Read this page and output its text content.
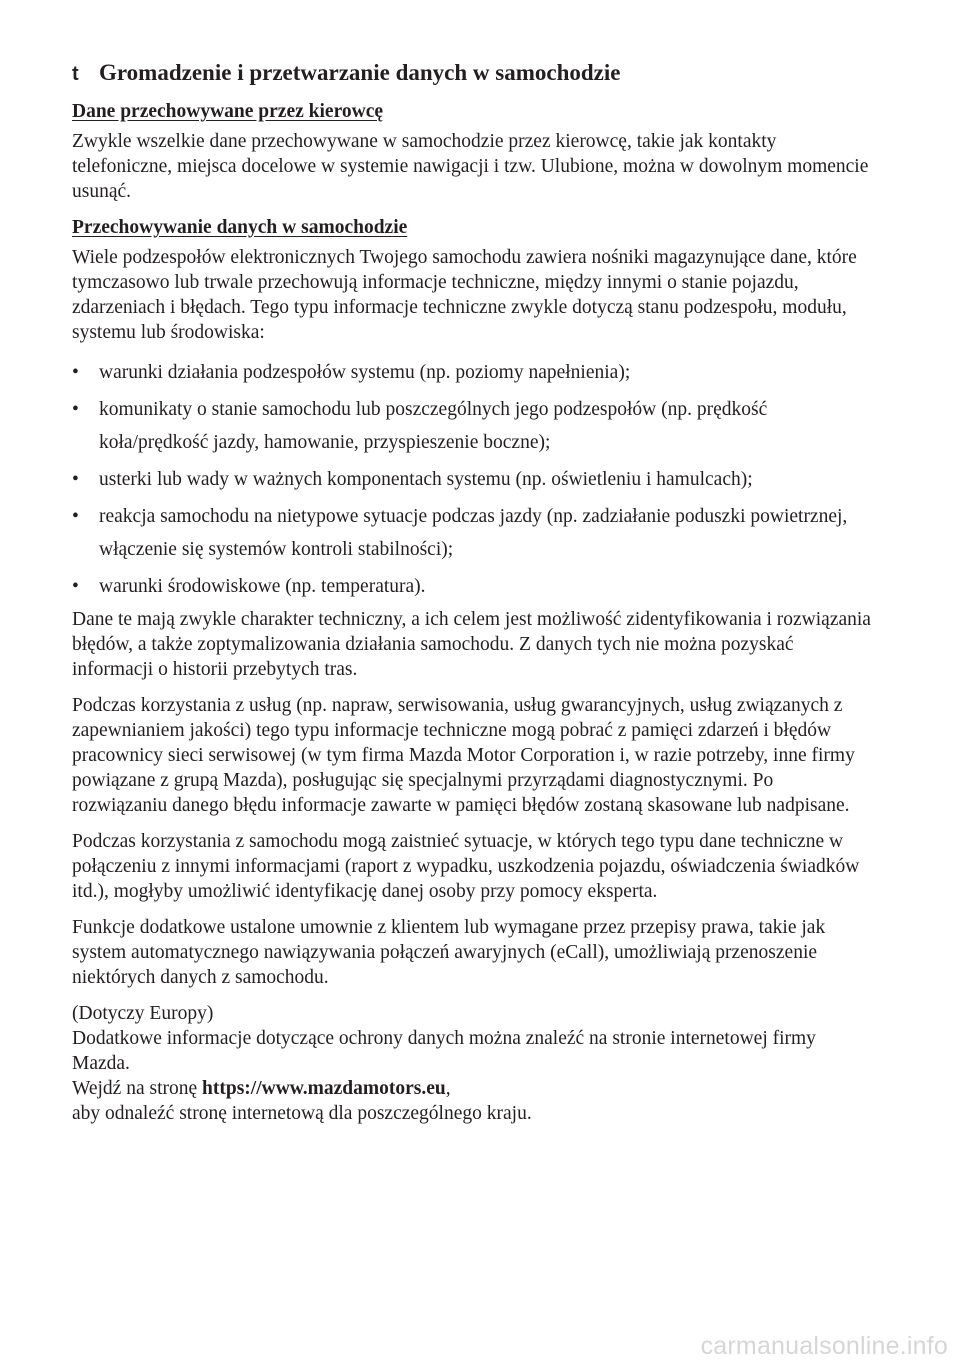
t Gromadzenie i przetwarzanie danych w samochodzie
Dane przechowywane przez kierowcę

Zwykle wszelkie dane przechowywane w samochodzie przez kierowcę, takie jak kontakty telefoniczne, miejsca docelowe w systemie nawigacji i tzw. Ulubione, można w dowolnym momencie usunąć.

Przechowywanie danych w samochodzie

Wiele podzespołów elektronicznych Twojego samochodu zawiera nośniki magazynujące dane, które tymczasowo lub trwale przechowują informacje techniczne, między innymi o stanie pojazdu, zdarzeniach i błędach. Tego typu informacje techniczne zwykle dotyczą stanu podzespołu, modułu, systemu lub środowiska:

• warunki działania podzespołów systemu (np. poziomy napełnienia);
• komunikaty o stanie samochodu lub poszczególnych jego podzespołów (np. prędkość koła/prędkość jazdy, hamowanie, przyspieszenie boczne);
• usterki lub wady w ważnych komponentach systemu (np. oświetleniu i hamulcach);
• reakcja samochodu na nietypowe sytuacje podczas jazdy (np. zadziałanie poduszki powietrznej, włączenie się systemów kontroli stabilności);
• warunki środowiskowe (np. temperatura).

Dane te mają zwykle charakter techniczny, a ich celem jest możliwość zidentyfikowania i rozwiązania błędów, a także zoptymalizowania działania samochodu. Z danych tych nie można pozyskać informacji o historii przebytych tras.

Podczas korzystania z usług (np. napraw, serwisowania, usług gwarancyjnych, usług związanych z zapewnianiem jakości) tego typu informacje techniczne mogą pobrać z pamięci zdarzeń i błędów pracownicy sieci serwisowej (w tym firma Mazda Motor Corporation i, w razie potrzeby, inne firmy powiązane z grupą Mazda), posługując się specjalnymi przyrządami diagnostycznymi. Po rozwiązaniu danego błędu informacje zawarte w pamięci błędów zostaną skasowane lub nadpisane.

Podczas korzystania z samochodu mogą zaistnieć sytuacje, w których tego typu dane techniczne w połączeniu z innymi informacjami (raport z wypadku, uszkodzenia pojazdu, oświadczenia świadków itd.), mogłyby umożliwić identyfikację danej osoby przy pomocy eksperta.

Funkcje dodatkowe ustalone umownie z klientem lub wymagane przez przepisy prawa, takie jak system automatycznego nawiązywania połączeń awaryjnych (eCall), umożliwiają przenoszenie niektórych danych z samochodu.

(Dotyczy Europy)
Dodatkowe informacje dotyczące ochrony danych można znaleźć na stronie internetowej firmy Mazda.
Wejdź na stronę https://www.mazdamotors.eu,
aby odnaleźć stronę internetową dla poszczególnego kraju.

carmanualsonline.info
